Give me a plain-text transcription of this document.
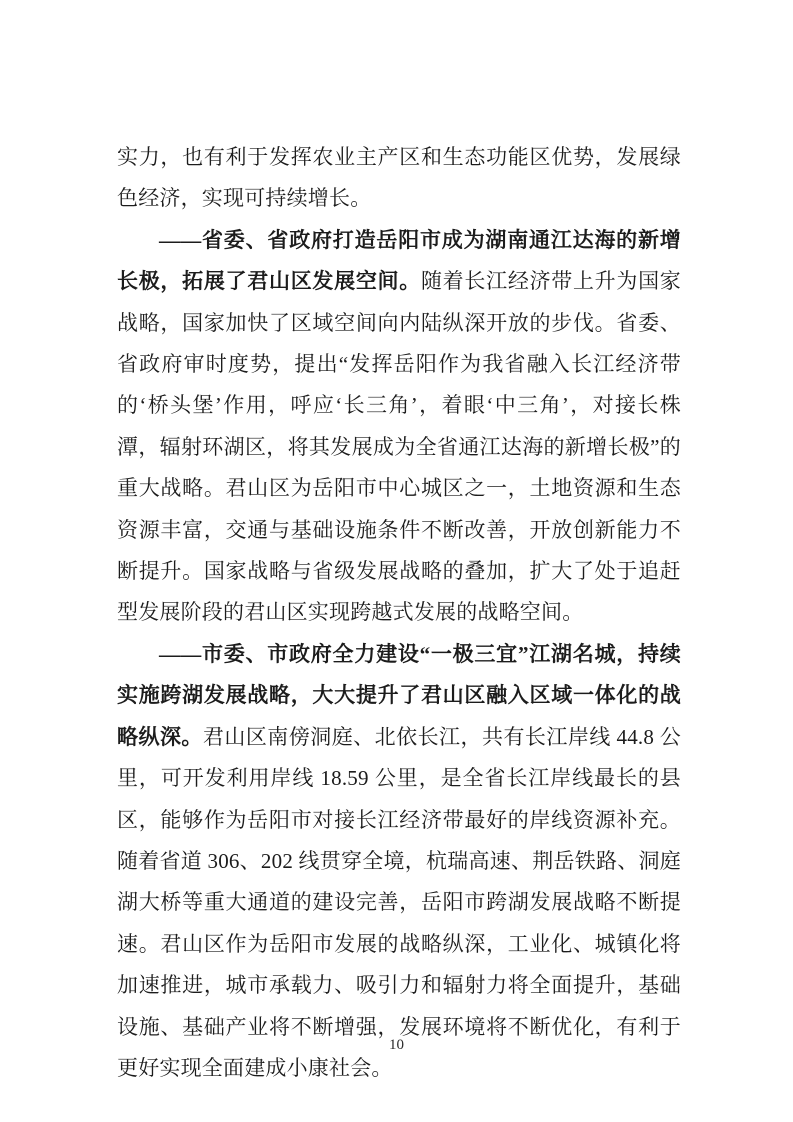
实力，也有利于发挥农业主产区和生态功能区优势，发展绿色经济，实现可持续增长。

——省委、省政府打造岳阳市成为湖南通江达海的新增长极，拓展了君山区发展空间。随着长江经济带上升为国家战略，国家加快了区域空间向内陆纵深开放的步伐。省委、省政府审时度势，提出“发挥岳阳作为我省融入长江经济带的‘桥头堡’作用，呼应‘长三角’，着眼‘中三角’，对接长株潭，辐射环湖区，将其发展成为全省通江达海的新增长极”的重大战略。君山区为岳阳市中心城区之一，土地资源和生态资源丰富，交通与基础设施条件不断改善，开放创新能力不断提升。国家战略与省级发展战略的叠加，扩大了处于追赶型发展阶段的君山区实现跨越式发展的战略空间。

——市委、市政府全力建设“一极三宜”江湖名城，持续实施跨湖发展战略，大大提升了君山区融入区域一体化的战略纵深。君山区南傍洞庭、北依长江，共有长江岸线 44.8 公里，可开发利用岸线 18.59 公里，是全省长江岸线最长的县区，能够作为岳阳市对接长江经济带最好的岸线资源补充。随着省道 306、202 线贯穿全境，杭瑞高速、荆岳铁路、洞庭湖大桥等重大通道的建设完善，岳阳市跨湖发展战略不断提速。君山区作为岳阳市发展的战略纵深，工业化、城镇化将加速推进，城市承载力、吸引力和辐射力将全面提升，基础设施、基础产业将不断增强，发展环境将不断优化，有利于更好实现全面建成小康社会。

10
